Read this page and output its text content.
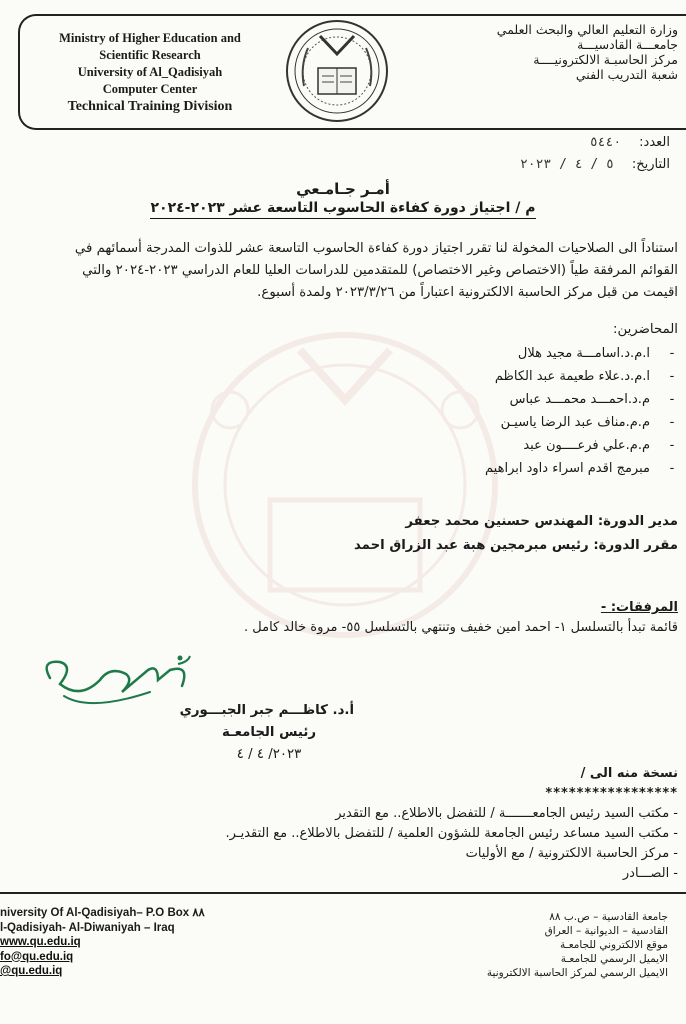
Ministry of Higher Education and
Scientific Research
University of Al_Qadisiyah
Computer Center
Technical Training Division
وزارة التعليم العالي والبحث العلمي
جامعـــة القادسيـــة
مركز الحاسبـة الالكترونيــــة
شعبة التدريب الفني
العدد:
٥٤٤٠
التاريخ:
٥ / ٤ / ٢٠٢٣
أمـر جـامـعي
م / اجتياز دورة كفاءة الحاسوب التاسعة عشر ٢٠٢٣-٢٠٢٤
استناداً الى الصلاحيات المخولة لنا تقرر اجتياز دورة كفاءة الحاسوب التاسعة عشر للذوات المدرجة أسمائهم في
القوائم المرفقة طياً (الاختصاص وغير الاختصاص) للمتقدمين للدراسات العليا للعام الدراسي ٢٠٢٣-٢٠٢٤ والتي
اقيمت من قبل مركز الحاسبة الالكترونية اعتباراً من ٢٠٢٣/٣/٢٦ ولمدة أسبوع.
المحاضرين:
-
ا.م.د.اسامـــة مجيد هلال
-
ا.م.د.علاء طعيمة عبد الكاظم
-
م.د.احمـــد محمـــد عباس
-
م.م.مناف عبد الرضا ياسيـن
-
م.م.علي فرعــــون عبد
-
مبرمج اقدم اسراء داود ابراهيم
مدير الدورة: المهندس حسنين محمد جعفر
مقرر الدورة: رئيس مبرمجين هبة عبد الزراق احمد
المرفقات: -
قائمة تبدأ بالتسلسل ١- احمد امين خفيف وتنتهي بالتسلسل ٥٥- مروة خالد كامل .
أ.د. كاظـــم جبر الجبـــوري
رئيس الجامعـة
٢٠٢٣/ ٤ / ٤
نسخة منه الى /
*****************
- مكتب السيد رئيس الجامعـــــــة / للتفضل بالاطلاع.. مع التقدير
- مكتب السيد مساعد رئيس الجامعة للشؤون العلمية / للتفضل بالاطلاع.. مع التقديـر.
- مركز الحاسبة الالكترونية / مع الأوليات
- الصـــادر
niversity Of Al-Qadisiyah– P.O Box ٨٨
l-Qadisiyah- Al-Diwaniyah – Iraq
www.qu.edu.iq
fo@qu.edu.iq
@qu.edu.iq
جامعة القادسية – ص.ب ٨٨
القادسية – الديوانية – العراق
موقع الالكتروني للجامعـة
الايميل الرسمي للجامعـة
الايميل الرسمي لمركز الحاسبة الالكترونية
